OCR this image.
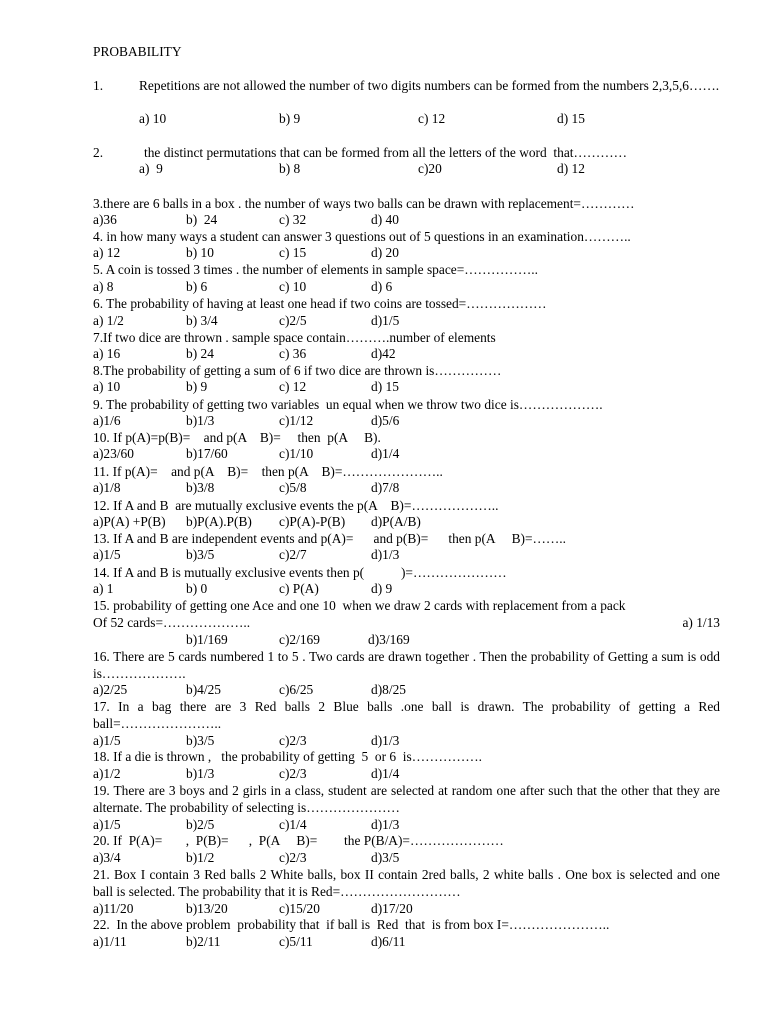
PROBABILITY
1.	Repetitions are not allowed the number of two digits numbers can be formed from the numbers 2,3,5,6…….
a) 10	b) 9	c) 12	d) 15
2.	the distinct permutations that can be formed from all the letters of the word  that…………
a)  9	b) 8	c)20	d) 12
3.there are 6 balls in a box . the number of ways two balls can be drawn with replacement=…………
a)36	b)  24	c) 32	d) 40
4. in how many ways a student can answer 3 questions out of 5 questions in an examination………..
a) 12	b) 10	c) 15	d) 20
5. A coin is tossed 3 times . the number of elements in sample space=……………..
a) 8	b) 6	c) 10	d) 6
6. The probability of having at least one head if two coins are tossed=………………
a) 1/2	b) 3/4	c)2/5	d)1/5
7.If two dice are thrown . sample space contain……….number of elements
a) 16	b) 24	c) 36	d)42
8.The probability of getting a sum of 6 if two dice are thrown is……………
a) 10	b) 9	c) 12	d) 15
9. The probability of getting two variables  un equal when we throw two dice is……………….
a)1/6	b)1/3	c)1/12	d)5/6
10. If p(A)=p(B)=    and p(A    B)=     then  p(A     B).
a)23/60	b)17/60	c)1/10	d)1/4
11. If p(A)=    and p(A    B)=    then p(A    B)=…………………..
a)1/8	b)3/8	c)5/8	d)7/8
12. If A and B  are mutually exclusive events the p(A    B)=………………..
a)P(A) +P(B) b)P(A).P(B) c)P(A)-P(B) d)P(A/B)
13. If A and B are independent events and p(A)=      and p(B)=      then p(A     B)=……..
a)1/5	b)3/5	c)2/7	d)1/3
14. If A and B is mutually exclusive events then p(           )=…………………
a) 1	b) 0	c) P(A)	d) 9
15. probability of getting one Ace and one 10  when we draw 2 cards with replacement from a pack
Of 52 cards=………………..	a) 1/13
b)1/169	c)2/169	d)3/169
16. There are 5 cards numbered 1 to 5 . Two cards are drawn together . Then the probability of Getting a sum is odd is……………….
a)2/25	b)4/25	c)6/25	d)8/25
17. In a bag there are 3 Red balls 2 Blue balls .one ball is drawn. The probability of getting a Red ball=…………………..
a)1/5	b)3/5	c)2/3	d)1/3
18. If a die is thrown ,   the probability of getting  5  or 6  is…………….
a)1/2	b)1/3	c)2/3	d)1/4
19. There are 3 boys and 2 girls in a class, student are selected at random one after such that the other that they are alternate. The probability of selecting is…………………
a)1/5	b)2/5	c)1/4	d)1/3
20. If  P(A)=       ,  P(B)=      ,  P(A     B)=        the P(B/A)=…………………
a)3/4	b)1/2	c)2/3	d)3/5
21. Box I contain 3 Red balls 2 White balls, box II contain 2red balls, 2 white balls . One box is selected and one ball is selected. The probability that it is Red=………………………
a)11/20	b)13/20	c)15/20	d)17/20
22.  In the above problem  probability that  if ball is  Red  that  is from box I=…………………..
a)1/11	b)2/11	c)5/11	d)6/11
